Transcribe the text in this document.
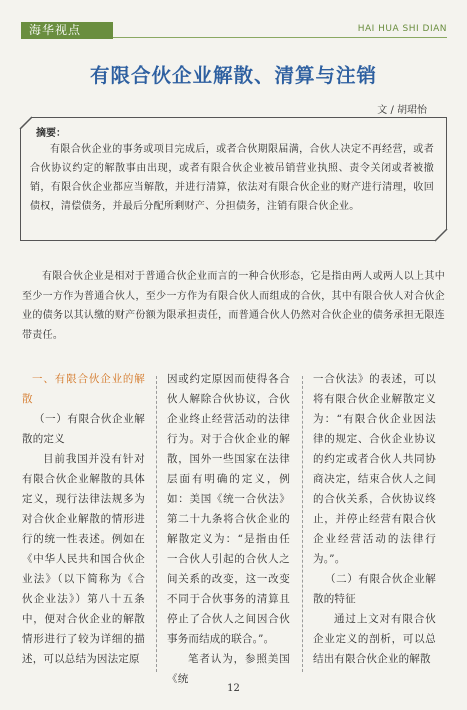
海华视点	HAI HUA SHI DIAN
有限合伙企业解散、清算与注销
文 / 胡珺怡
摘要：
有限合伙企业的事务或项目完成后，或者合伙期限届满，合伙人决定不再经营，或者合伙协议约定的解散事由出现，或者有限合伙企业被吊销营业执照、责令关闭或者被撤销，有限合伙企业都应当解散，并进行清算，依法对有限合伙企业的财产进行清理，收回债权，清偿债务，并最后分配所剩财产、分担债务，注销有限合伙企业。
有限合伙企业是相对于普通合伙企业而言的一种合伙形态，它是指由两人或两人以上其中至少一方作为普通合伙人，至少一方作为有限合伙人而组成的合伙，其中有限合伙人对合伙企业的债务以其认缴的财产份额为限承担责任，而普通合伙人仍然对合伙企业的债务承担无限连带责任。

一、有限合伙企业的解散

（一）有限合伙企业解散的定义

目前我国并没有针对有限合伙企业解散的具体定义，现行法律法规多为对合伙企业解散的情形进行的统一性表述。例如在《中华人民共和国合伙企业法》（以下简称为《合伙企业法》）第八十五条中，便对合伙企业的解散情形进行了较为详细的描述，可以总结为因法定原

因或约定原因而使得各合伙人解除合伙协议，合伙企业终止经营活动的法律行为。对于合伙企业的解散，国外一些国家在法律层面有明确的定义，例如：美国《统一合伙法》第二十九条将合伙企业的解散定义为：“是指由任一合伙人引起的合伙人之间关系的改变，这一改变不同于合伙事务的清算且停止了合伙人之间因合伙事务而结成的联合。”。

笔者认为，参照美国《统

一合伙法》的表述，可以将有限合伙企业解散定义为：“有限合伙企业因法律的规定、合伙企业协议的约定或者合伙人共同协商决定，结束合伙人之间的合伙关系，合伙协议终止，并停止经营有限合伙企业经营活动的法律行为。”。

（二）有限合伙企业解散的特征

通过上文对有限合伙企业定义的剖析，可以总结出有限合伙企业的解散

12
